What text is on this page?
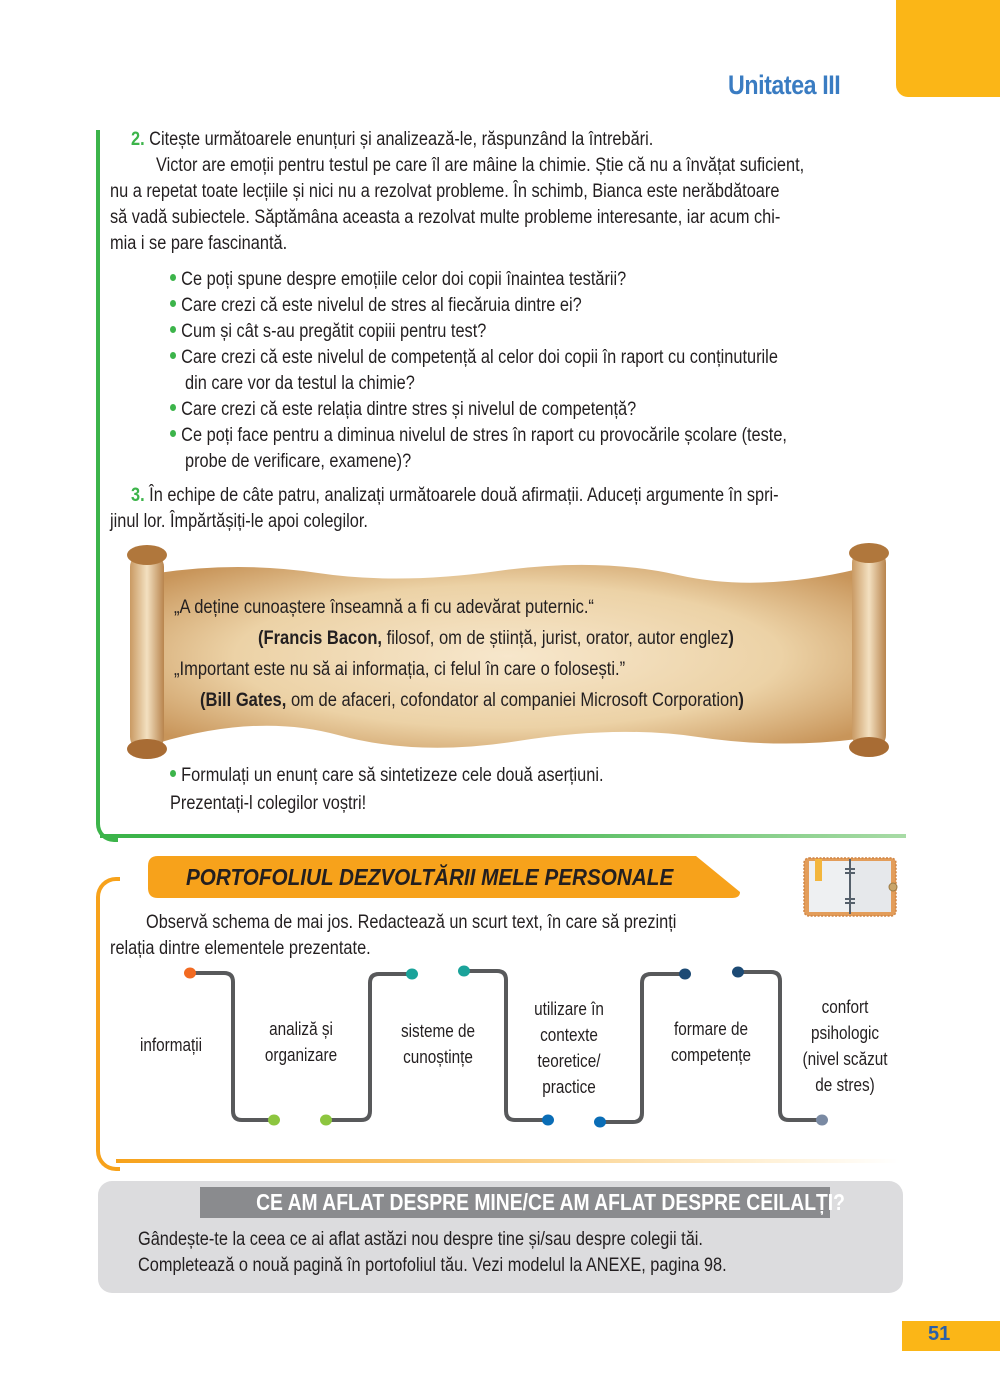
Unitatea III
2. Citește următoarele enunțuri și analizează-le, răspunzând la întrebări.
Victor are emoții pentru testul pe care îl are mâine la chimie. Știe că nu a învățat suficient,
nu a repetat toate lecțiile și nici nu a rezolvat probleme. În schimb, Bianca este nerăbdătoare
să vadă subiectele. Săptămâna aceasta a rezolvat multe probleme interesante, iar acum chi-
mia i se pare fascinantă.
Ce poți spune despre emoțiile celor doi copii înaintea testării?
Care crezi că este nivelul de stres al fiecăruia dintre ei?
Cum și cât s-au pregătit copiii pentru test?
Care crezi că este nivelul de competență al celor doi copii în raport cu conținuturile
din care vor da testul la chimie?
Care crezi că este relația dintre stres și nivelul de competență?
Ce poți face pentru a diminua nivelul de stres în raport cu provocările școlare (teste,
probe de verificare, examene)?
3. În echipe de câte patru, analizați următoarele două afirmații. Aduceți argumente în spri-
jinul lor. Împărtășiți-le apoi colegilor.
„A deține cunoaștere înseamnă a fi cu adevărat puternic.“
(Francis Bacon, filosof, om de știință, jurist, orator, autor englez)
„Important este nu să ai informația, ci felul în care o folosești.”
(Bill Gates, om de afaceri, cofondator al companiei Microsoft Corporation)
Formulați un enunț care să sintetizeze cele două aserțiuni.
Prezentați-l colegilor voștri!
PORTOFOLIUL DEZVOLTĂRII MELE PERSONALE
Observă schema de mai jos. Redactează un scurt text, în care să prezinți
relația dintre elementele prezentate.
informații
analiză și
organizare
sisteme de
cunoștințe
utilizare în
contexte
teoretice/
practice
formare de
competențe
confort
psihologic
(nivel scăzut
de stres)
CE AM AFLAT DESPRE MINE/CE AM AFLAT DESPRE CEILALȚI?
Gândește-te la ceea ce ai aflat astăzi nou despre tine și/sau despre colegii tăi.
Completează o nouă pagină în portofoliul tău. Vezi modelul la ANEXE, pagina 98.
51
